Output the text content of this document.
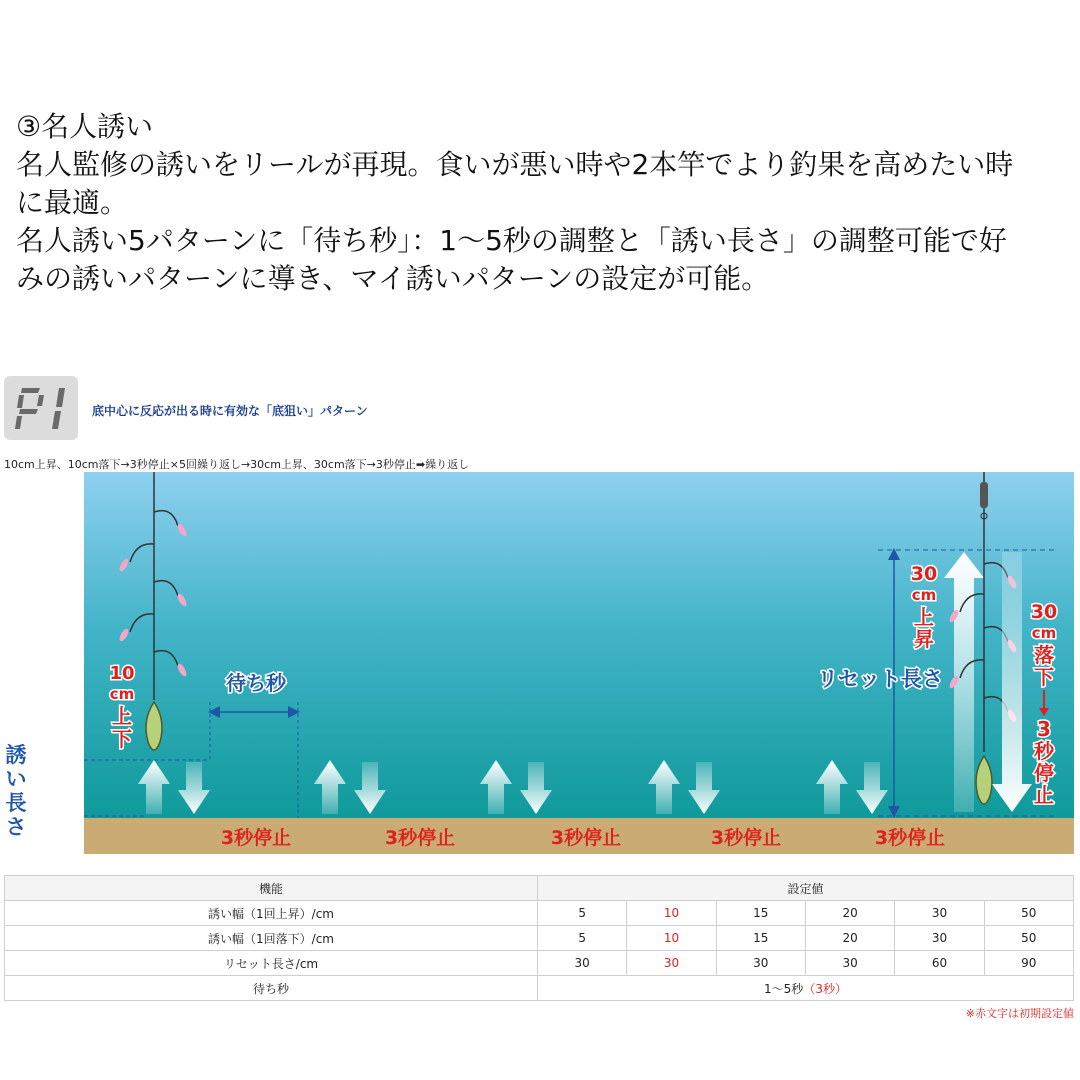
③名人誘い
名人監修の誘いをリールが再現。食いが悪い時や2本竿でより釣果を高めたい時
に最適。
名人誘い5パターンに「待ち秒」：1〜5秒の調整と「誘い長さ」の調整可能で好
みの誘いパターンに導き、マイ誘いパターンの設定が可能。
底中心に反応が出る時に有効な「底狙い」パターン
10cm上昇、10cm落下→3秒停止×5回繰り返し→30cm上昇、30cm落下→3秒停止➡繰り返し
10
cm
上
下
待ち秒
3秒停止	3秒停止	3秒停止	3秒停止	3秒停止
リセット長さ
30
cm
上
昇
30
cm
落
下
3
秒
停
止
誘
い
長
さ
機能	設定値					
誘い幅（1回上昇）/cm	5	10	15	20	30	50
誘い幅（1回落下）/cm	5	10	15	20	30	50
リセット長さ/cm	30	30	30	30	60	90
待ち秒	1〜5秒（3秒）					
※赤文字は初期設定値
